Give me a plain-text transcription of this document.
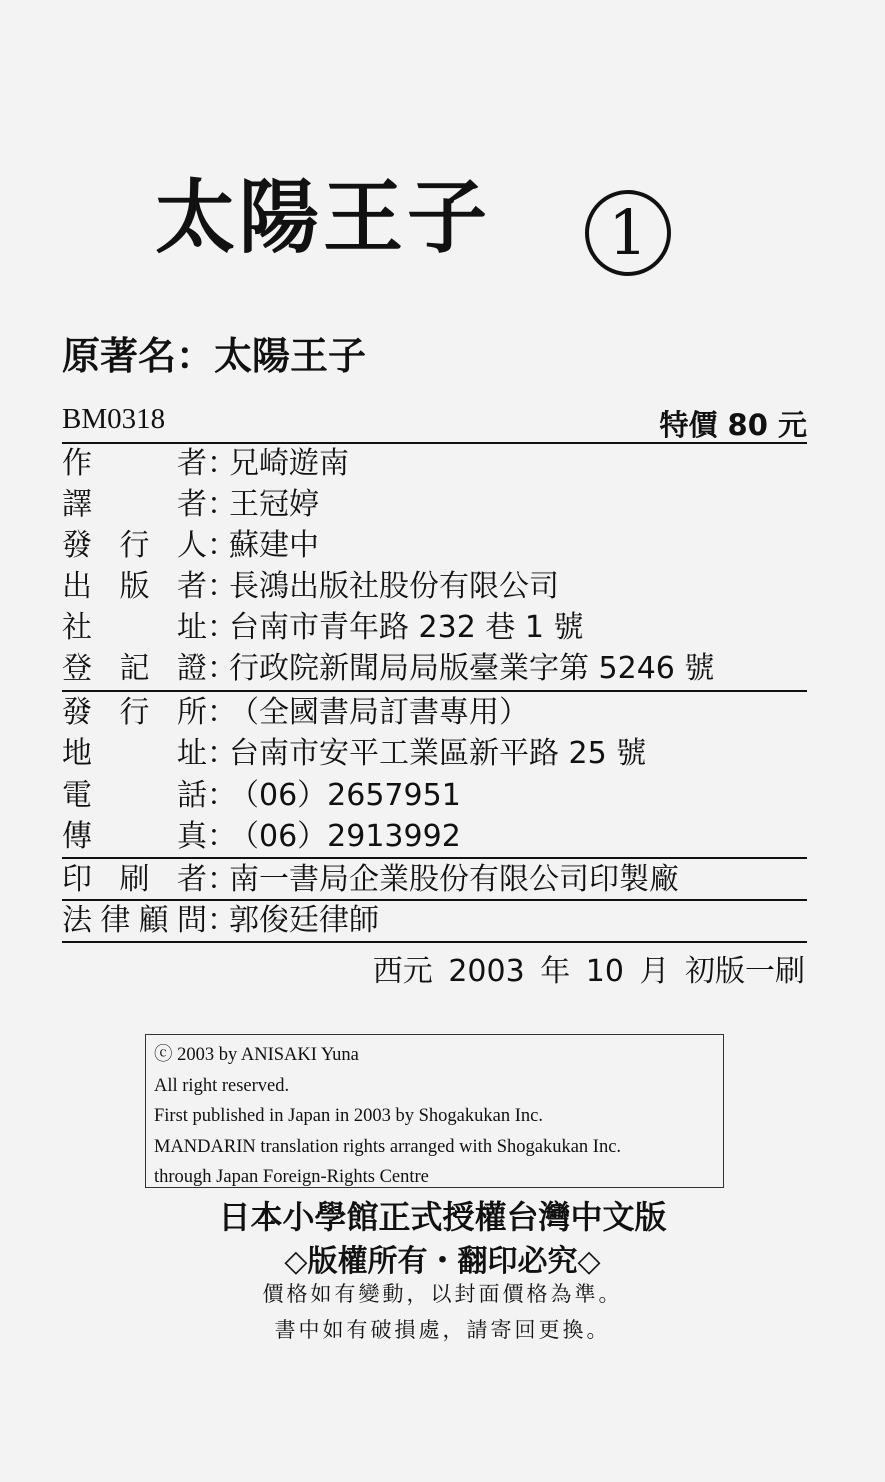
太陽王子	1
原著名：太陽王子
BM0318	特價 80 元
作者：兄崎遊南
譯者：王冠婷
發行人：蘇建中
出版者：長鴻出版社股份有限公司
社址：台南市青年路 232 巷 1 號
登記證：行政院新聞局局版臺業字第 5246 號
發行所：（全國書局訂書專用）
地址：台南市安平工業區新平路 25 號
電話：（06）2657951
傳真：（06）2913992
印刷者：南一書局企業股份有限公司印製廠
法律顧問：郭俊廷律師
西元 2003 年 10 月 初版一刷
ⓒ 2003 by ANISAKI Yuna
All right reserved.
First published in Japan in 2003 by Shogakukan Inc.
MANDARIN translation rights arranged with Shogakukan Inc.
through Japan Foreign-Rights Centre
日本小學館正式授權台灣中文版
◇版權所有・翻印必究◇
價格如有變動，以封面價格為準。
書中如有破損處，請寄回更換。
